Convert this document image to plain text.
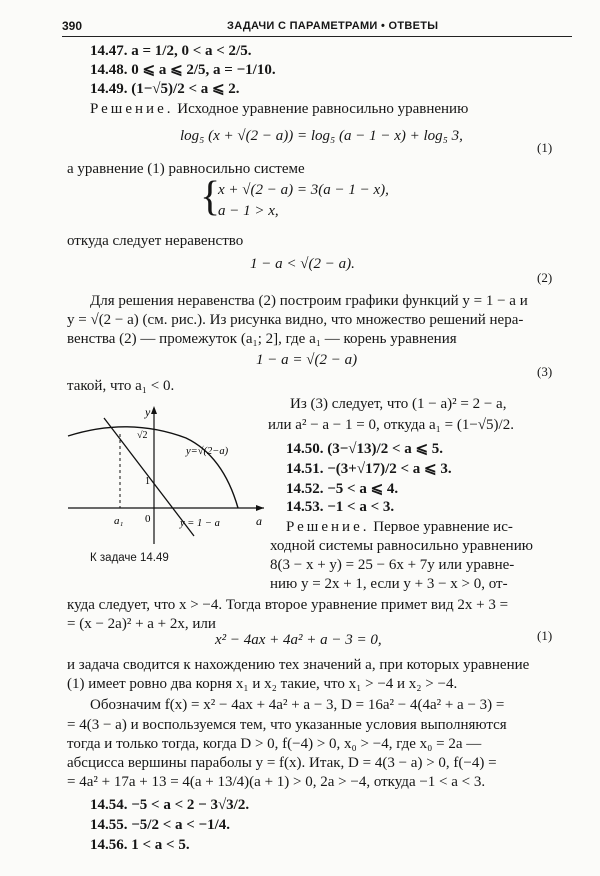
390	ЗАДАЧИ С ПАРАМЕТРАМИ • ОТВЕТЫ
14.47. a = 1/2, 0 < a < 2/5.
14.48. 0 ⩽ a ⩽ 2/5, a = −1/10.
14.49. (1−√5)/2 < a ⩽ 2.
Решение. Исходное уравнение равносильно уравнению
log₅ (x + √(2 − a)) = log₅ (a − 1 − x) + log₅ 3,
(1)
а уравнение (1) равносильно системе
{
x + √(2 − a) = 3(a − 1 − x),
a − 1 > x,
откуда следует неравенство
1 − a < √(2 − a).
(2)
Для решения неравенства (2) построим графики функций y = 1 − a и
y = √(2 − a) (см. рис.). Из рисунка видно, что множество решений нера-
венства (2) — промежуток (a₁; 2], где a₁ — корень уравнения
1 − a = √(2 − a)
(3)
такой, что a₁ < 0.
Из (3) следует, что (1 − a)² = 2 − a,
или a² − a − 1 = 0, откуда a₁ = (1−√5)/2.
14.50. (3−√13)/2 < a ⩽ 5.
14.51. −(3+√17)/2 < a ⩽ 3.
14.52. −5 < a ⩽ 4.
14.53. −1 < a < 3.
Решение. Первое уравнение ис-
ходной системы равносильно уравнению
8(3 − x + y) = 25 − 6x + 7y или уравне-
нию y = 2x + 1, если y + 3 − x > 0, от-
y
a
√2
1
0
a₁
y=√(2−a)
y = 1 − a
К задаче 14.49
куда следует, что x > −4. Тогда второе уравнение примет вид 2x + 3 =
= (x − 2a)² + a + 2x, или
x² − 4ax + 4a² + a − 3 = 0,	(1)
и задача сводится к нахождению тех значений a, при которых уравнение
(1) имеет ровно два корня x₁ и x₂ такие, что x₁ > −4 и x₂ > −4.
Обозначим f(x) = x² − 4ax + 4a² + a − 3, D = 16a² − 4(4a² + a − 3) =
= 4(3 − a) и воспользуемся тем, что указанные условия выполняются
тогда и только тогда, когда D > 0, f(−4) > 0, x₀ > −4, где x₀ = 2a —
абсцисса вершины параболы y = f(x). Итак, D = 4(3 − a) > 0, f(−4) =
= 4a² + 17a + 13 = 4(a + 13/4)(a + 1) > 0, 2a > −4, откуда −1 < a < 3.
14.54. −5 < a < 2 − 3√3/2.
14.55. −5/2 < a < −1/4.
14.56. 1 < a < 5.
